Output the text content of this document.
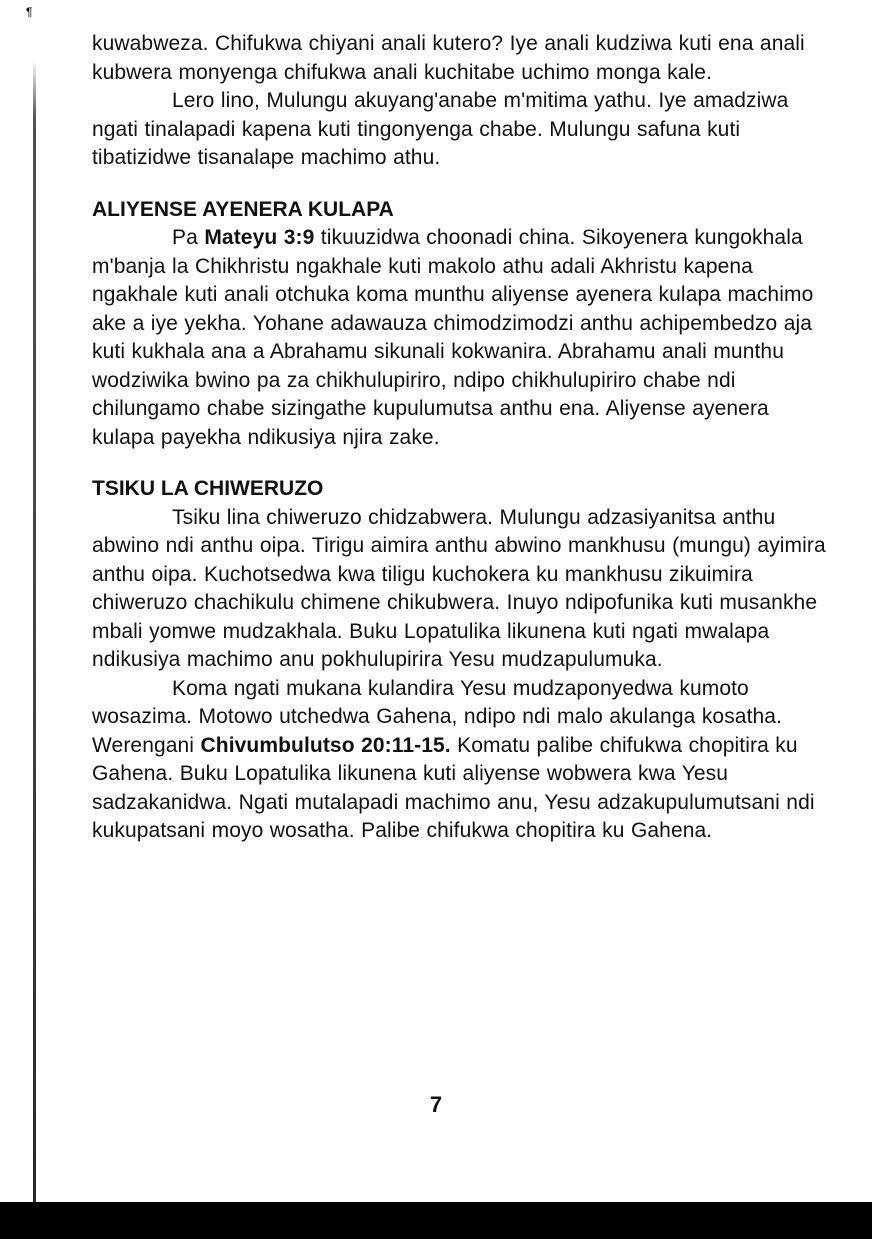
¶

kuwabweza. Chifukwa chiyani anali kutero? Iye anali kudziwa kuti ena anali kubwera monyenga chifukwa anali kuchitabe uchimo monga kale.

Lero lino, Mulungu akuyang'anabe m'mitima yathu. Iye amadziwa ngati tinalapadi kapena kuti tingonyenga chabe. Mulungu safuna kuti tibatizidwe tisanalape machimo athu.

ALIYENSE AYENERA KULAPA

Pa Mateyu 3:9 tikuuzidwa choonadi china. Sikoyenera kungokhala m'banja la Chikhristu ngakhale kuti makolo athu adali Akhristu kapena ngakhale kuti anali otchuka koma munthu aliyense ayenera kulapa machimo ake a iye yekha. Yohane adawauza chimodzimodzi anthu achipembedzo aja kuti kukhala ana a Abrahamu sikunali kokwanira. Abrahamu anali munthu wodziwika bwino pa za chikhulupiriro, ndipo chikhulupiriro chabe ndi chilungamo chabe sizingathe kupulumutsa anthu ena. Aliyense ayenera kulapa payekha ndikusiya njira zake.

TSIKU LA CHIWERUZO

Tsiku lina chiweruzo chidzabwera. Mulungu adzasiyanitsa anthu abwino ndi anthu oipa. Tirigu aimira anthu abwino mankhusu (mungu) ayimira anthu oipa. Kuchotsedwa kwa tiligu kuchokera ku mankhusu zikuimira chiweruzo chachikulu chimene chikubwera. Inuyo ndipofunika kuti musankhe mbali yomwe mudzakhala. Buku Lopatulika likunena kuti ngati mwalapa ndikusiya machimo anu pokhulupirira Yesu mudzapulumuka.

Koma ngati mukana kulandira Yesu mudzaponyedwa kumoto wosazima. Motowo utchedwa Gahena, ndipo ndi malo akulanga kosatha. Werengani Chivumbulutso 20:11-15. Komatu palibe chifukwa chopitira ku Gahena. Buku Lopatulika likunena kuti aliyense wobwera kwa Yesu sadzakanidwa. Ngati mutalapadi machimo anu, Yesu adzakupulumutsani ndi kukupatsani moyo wosatha. Palibe chifukwa chopitira ku Gahena.

7
